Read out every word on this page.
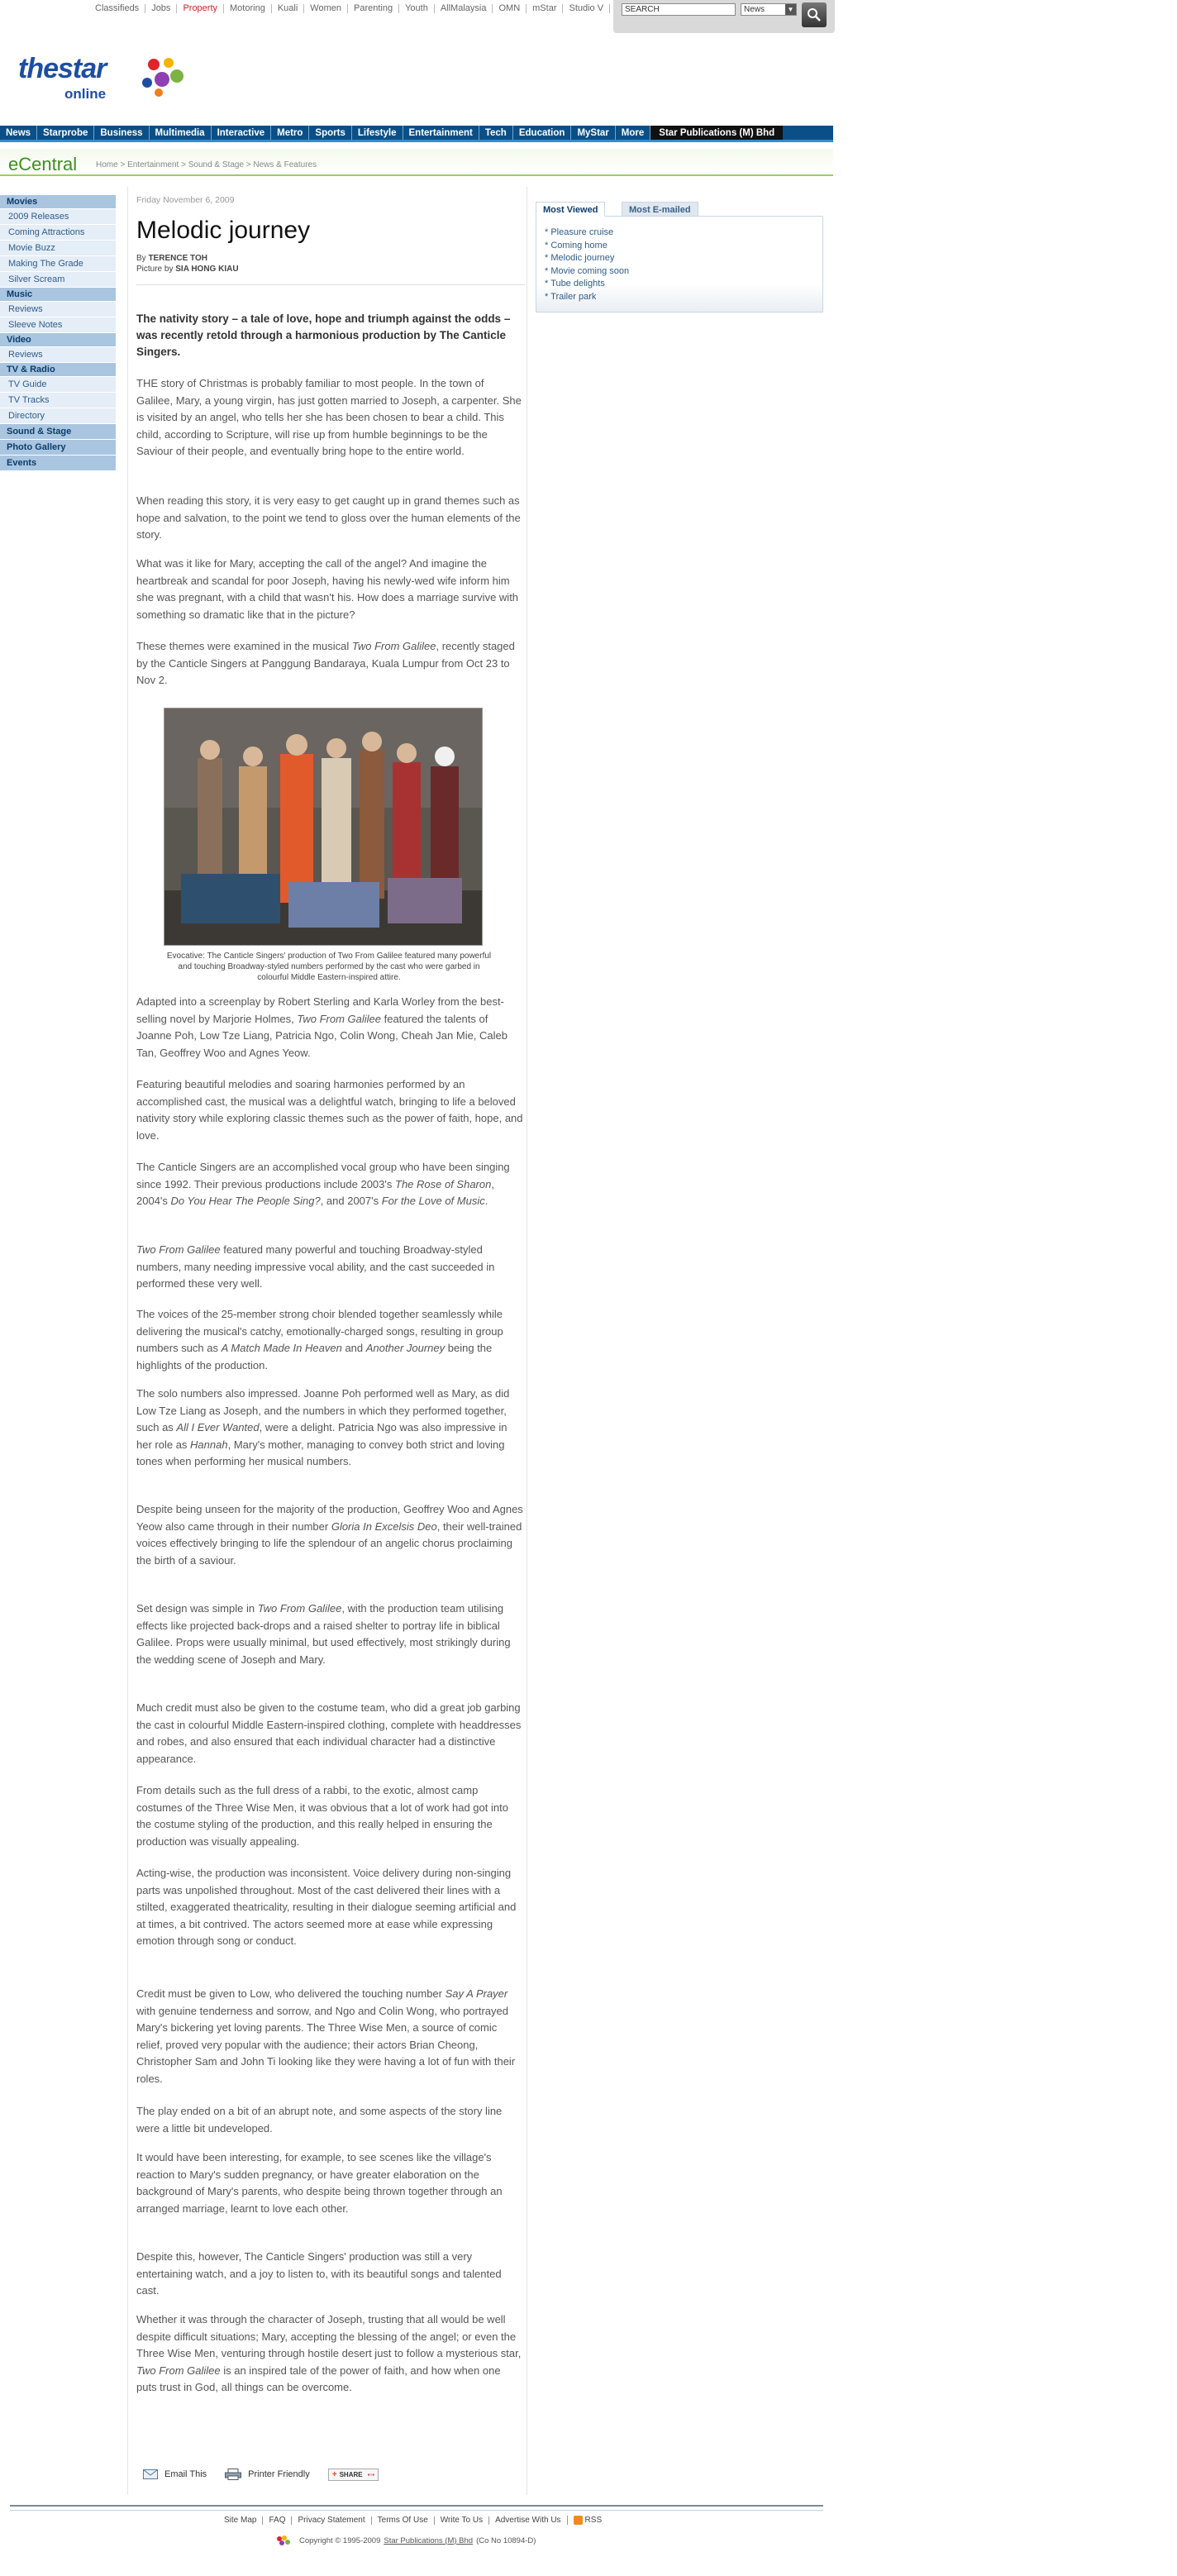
Classifieds	Jobs	Property	Motoring	Kuali	Women	Parenting	Youth	AllMalaysia	OMN	mStar	Studio V
SEARCH	News	▼
thestar
online
News	Starprobe	Business	Multimedia	Interactive	Metro	Sports	Lifestyle	Entertainment	Tech	Education	MyStar	More	Star Publications (M) Bhd
eCentral Home > Entertainment > Sound & Stage > News & Features
Movies
2009 Releases
Coming Attractions
Movie Buzz
Making The Grade
Silver Scream
Music
Reviews
Sleeve Notes
Video
Reviews
TV & Radio
TV Guide
TV Tracks
Directory
Sound & Stage
Photo Gallery
Events
Friday November 6, 2009
Melodic journey
By TERENCE TOH
Picture by SIA HONG KIAU
The nativity story – a tale of love, hope and triumph against the odds – was recently retold through a harmonious production by The Canticle Singers.

THE story of Christmas is probably familiar to most people. In the town of Galilee, Mary, a young virgin, has just gotten married to Joseph, a carpenter. She is visited by an angel, who tells her she has been chosen to bear a child. This child, according to Scripture, will rise up from humble beginnings to be the Saviour of their people, and eventually bring hope to the entire world.

When reading this story, it is very easy to get caught up in grand themes such as hope and salvation, to the point we tend to gloss over the human elements of the story.

What was it like for Mary, accepting the call of the angel? And imagine the heartbreak and scandal for poor Joseph, having his newly-wed wife inform him she was pregnant, with a child that wasn't his. How does a marriage survive with something so dramatic like that in the picture?

These themes were examined in the musical Two From Galilee, recently staged by the Canticle Singers at Panggung Bandaraya, Kuala Lumpur from Oct 23 to Nov 2.

Evocative: The Canticle Singers' production of Two From Galilee featured many powerful and touching Broadway-styled numbers performed by the cast who were garbed in colourful Middle Eastern-inspired attire.

Adapted into a screenplay by Robert Sterling and Karla Worley from the best-selling novel by Marjorie Holmes, Two From Galilee featured the talents of Joanne Poh, Low Tze Liang, Patricia Ngo, Colin Wong, Cheah Jan Mie, Caleb Tan, Geoffrey Woo and Agnes Yeow.

Featuring beautiful melodies and soaring harmonies performed by an accomplished cast, the musical was a delightful watch, bringing to life a beloved nativity story while exploring classic themes such as the power of faith, hope, and love.

The Canticle Singers are an accomplished vocal group who have been singing since 1992. Their previous productions include 2003's The Rose of Sharon, 2004's Do You Hear The People Sing?, and 2007's For the Love of Music.

Two From Galilee featured many powerful and touching Broadway-styled numbers, many needing impressive vocal ability, and the cast succeeded in performed these very well.

The voices of the 25-member strong choir blended together seamlessly while delivering the musical's catchy, emotionally-charged songs, resulting in group numbers such as A Match Made In Heaven and Another Journey being the highlights of the production.

The solo numbers also impressed. Joanne Poh performed well as Mary, as did Low Tze Liang as Joseph, and the numbers in which they performed together, such as All I Ever Wanted, were a delight. Patricia Ngo was also impressive in her role as Hannah, Mary's mother, managing to convey both strict and loving tones when performing her musical numbers.

Despite being unseen for the majority of the production, Geoffrey Woo and Agnes Yeow also came through in their number Gloria In Excelsis Deo, their well-trained voices effectively bringing to life the splendour of an angelic chorus proclaiming the birth of a saviour.

Set design was simple in Two From Galilee, with the production team utilising effects like projected back-drops and a raised shelter to portray life in biblical Galilee. Props were usually minimal, but used effectively, most strikingly during the wedding scene of Joseph and Mary.

Much credit must also be given to the costume team, who did a great job garbing the cast in colourful Middle Eastern-inspired clothing, complete with headdresses and robes, and also ensured that each individual character had a distinctive appearance.

From details such as the full dress of a rabbi, to the exotic, almost camp costumes of the Three Wise Men, it was obvious that a lot of work had got into the costume styling of the production, and this really helped in ensuring the production was visually appealing.

Acting-wise, the production was inconsistent. Voice delivery during non-singing parts was unpolished throughout. Most of the cast delivered their lines with a stilted, exaggerated theatricality, resulting in their dialogue seeming artificial and at times, a bit contrived. The actors seemed more at ease while expressing emotion through song or conduct.

Credit must be given to Low, who delivered the touching number Say A Prayer with genuine tenderness and sorrow, and Ngo and Colin Wong, who portrayed Mary's bickering yet loving parents. The Three Wise Men, a source of comic relief, proved very popular with the audience; their actors Brian Cheong, Christopher Sam and John Ti looking like they were having a lot of fun with their roles.

The play ended on a bit of an abrupt note, and some aspects of the story line were a little bit undeveloped.

It would have been interesting, for example, to see scenes like the village's reaction to Mary's sudden pregnancy, or have greater elaboration on the background of Mary's parents, who despite being thrown together through an arranged marriage, learnt to love each other.

Despite this, however, The Canticle Singers' production was still a very entertaining watch, and a joy to listen to, with its beautiful songs and talented cast.

Whether it was through the character of Joseph, trusting that all would be well despite difficult situations; Mary, accepting the blessing of the angel; or even the Three Wise Men, venturing through hostile desert just to follow a mysterious star, Two From Galilee is an inspired tale of the power of faith, and how when one puts trust in God, all things can be overcome.

Email This	Printer Friendly	+ SHARE ▪▫▪
Most Viewed	Most E-mailed
* Pleasure cruise
* Coming home
* Melodic journey
* Movie coming soon
* Tube delights
* Trailer park
Site Map	FAQ	Privacy Statement	Terms Of Use	Write To Us	Advertise With Us	RSS
Copyright © 1995-2009 Star Publications (M) Bhd (Co No 10894-D)
